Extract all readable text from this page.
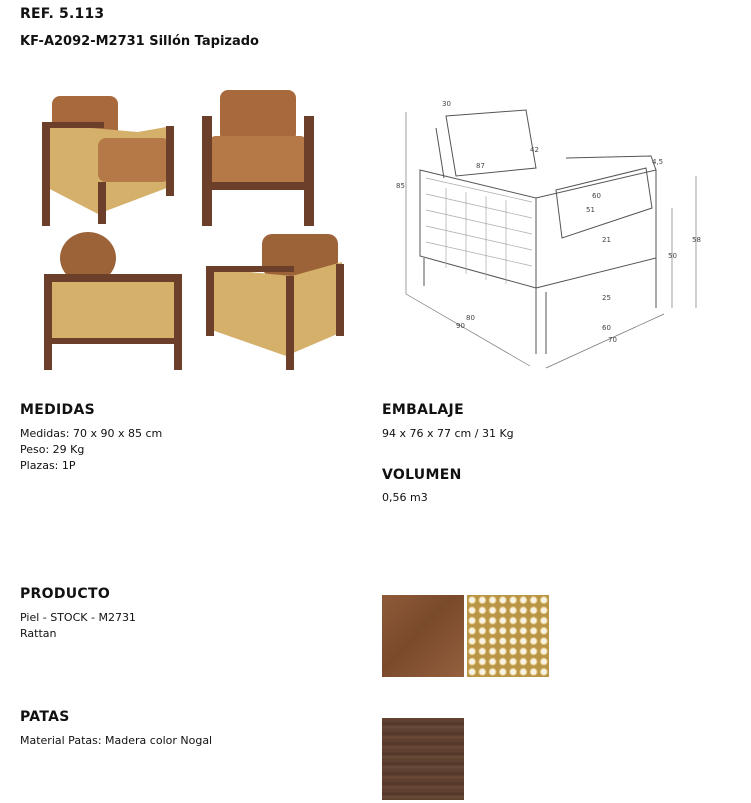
REF. 5.113
KF-A2092-M2731 Sillón Tapizado
30
42
87	4,5
85
60
51
21	58
50
25
80
90	60
70
MEDIDAS
Medidas: 70 x 90 x 85 cm
Peso: 29 Kg
Plazas: 1P
EMBALAJE
94 x 76 x 77 cm / 31 Kg
VOLUMEN
0,56 m3
PRODUCTO
Piel - STOCK - M2731
Rattan
PATAS
Material Patas: Madera color Nogal
